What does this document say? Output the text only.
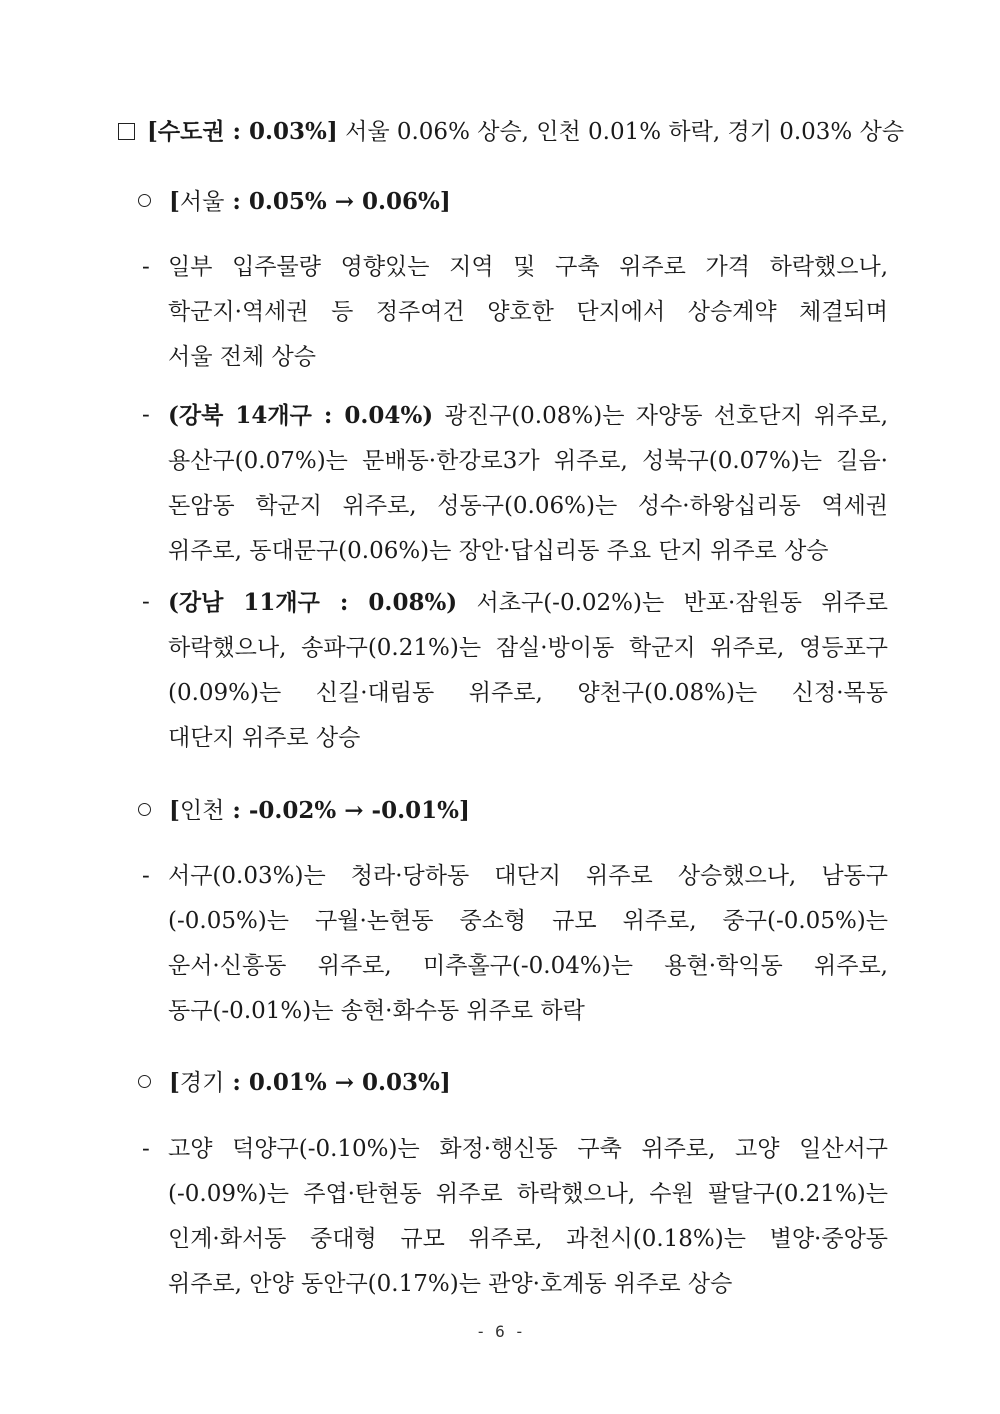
[수도권 : 0.03%] 서울 0.06% 상승, 인천 0.01% 하락, 경기 0.03% 상승
[서울 : 0.05% → 0.06%]
- 일부 입주물량 영향있는 지역 및 구축 위주로 가격 하락했으나,
학군지·역세권 등 정주여건 양호한 단지에서 상승계약 체결되며
서울 전체 상승
- (강북 14개구 : 0.04%) 광진구(0.08%)는 자양동 선호단지 위주로,
용산구(0.07%)는 문배동·한강로3가 위주로, 성북구(0.07%)는 길음·
돈암동 학군지 위주로, 성동구(0.06%)는 성수·하왕십리동 역세권
위주로, 동대문구(0.06%)는 장안·답십리동 주요 단지 위주로 상승
- (강남 11개구 : 0.08%) 서초구(-0.02%)는 반포·잠원동 위주로
하락했으나, 송파구(0.21%)는 잠실·방이동 학군지 위주로, 영등포구
(0.09%)는 신길·대림동 위주로, 양천구(0.08%)는 신정·목동
대단지 위주로 상승
[인천 : -0.02% → -0.01%]
- 서구(0.03%)는 청라·당하동 대단지 위주로 상승했으나, 남동구
(-0.05%)는 구월·논현동 중소형 규모 위주로, 중구(-0.05%)는
운서·신흥동 위주로, 미추홀구(-0.04%)는 용현·학익동 위주로,
동구(-0.01%)는 송현·화수동 위주로 하락
[경기 : 0.01% → 0.03%]
- 고양 덕양구(-0.10%)는 화정·행신동 구축 위주로, 고양 일산서구
(-0.09%)는 주엽·탄현동 위주로 하락했으나, 수원 팔달구(0.21%)는
인계·화서동 중대형 규모 위주로, 과천시(0.18%)는 별양·중앙동
위주로, 안양 동안구(0.17%)는 관양·호계동 위주로 상승
- 6 -
